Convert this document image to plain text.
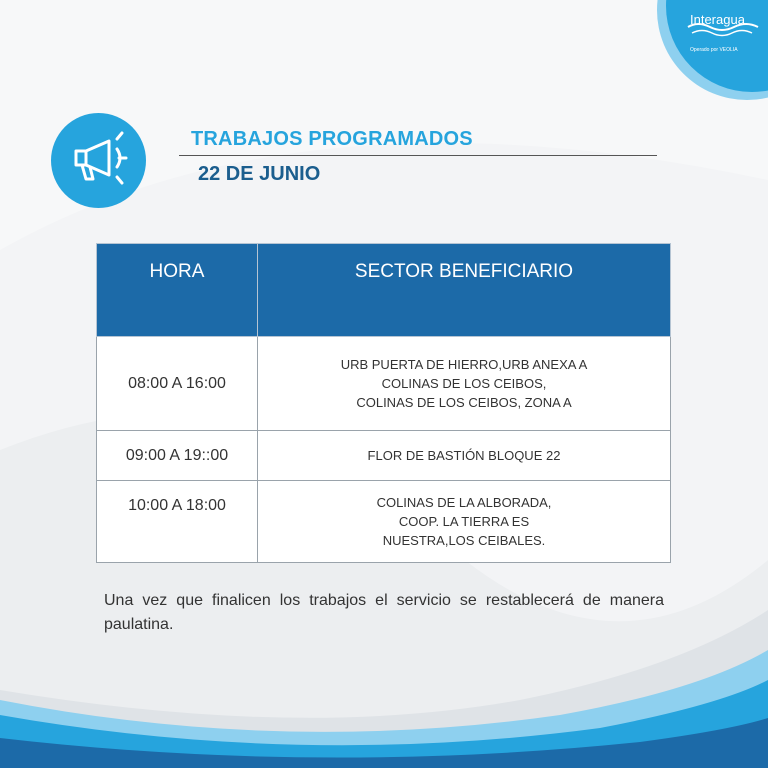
Interagua
Operado por VEOLIA
TRABAJOS PROGRAMADOS
22 DE JUNIO
HORA	SECTOR BENEFICIARIO
08:00 A 16:00	URB PUERTA DE HIERRO,URB ANEXA A
COLINAS DE LOS CEIBOS,
COLINAS DE LOS CEIBOS, ZONA A

09:00 A 19::00	FLOR DE BASTIÓN BLOQUE 22

10:00 A 18:00	COLINAS DE LA ALBORADA,
COOP. LA TIERRA ES
NUESTRA,LOS CEIBALES.
Una vez que finalicen los trabajos el servicio se restablecerá de manera paulatina.
